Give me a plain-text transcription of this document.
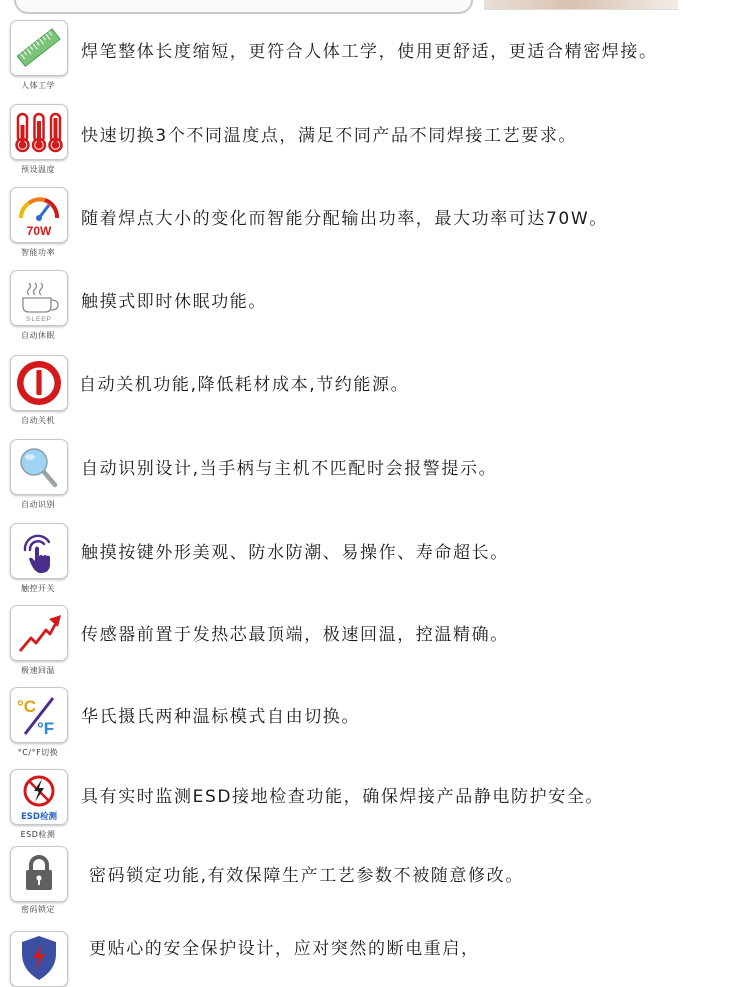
人体工学
焊笔整体长度缩短，更符合人体工学，使用更舒适，更适合精密焊接。
预设温度
快速切换3个不同温度点，满足不同产品不同焊接工艺要求。
70W
智能功率
随着焊点大小的变化而智能分配输出功率，最大功率可达70W。
SLEEP
自动休眠
触摸式即时休眠功能。
自动关机
自动关机功能,降低耗材成本,节约能源。
自动识别
自动识别设计,当手柄与主机不匹配时会报警提示。
触控开关
触摸按键外形美观、防水防潮、易操作、寿命超长。
极速回温
传感器前置于发热芯最顶端，极速回温，控温精确。
°C
°F
°C/°F切换
华氏摄氏两种温标模式自由切换。
ESD检测
ESD检测
具有实时监测ESD接地检查功能，确保焊接产品静电防护安全。
密码锁定
密码锁定功能,有效保障生产工艺参数不被随意修改。
更贴心的安全保护设计，应对突然的断电重启，
